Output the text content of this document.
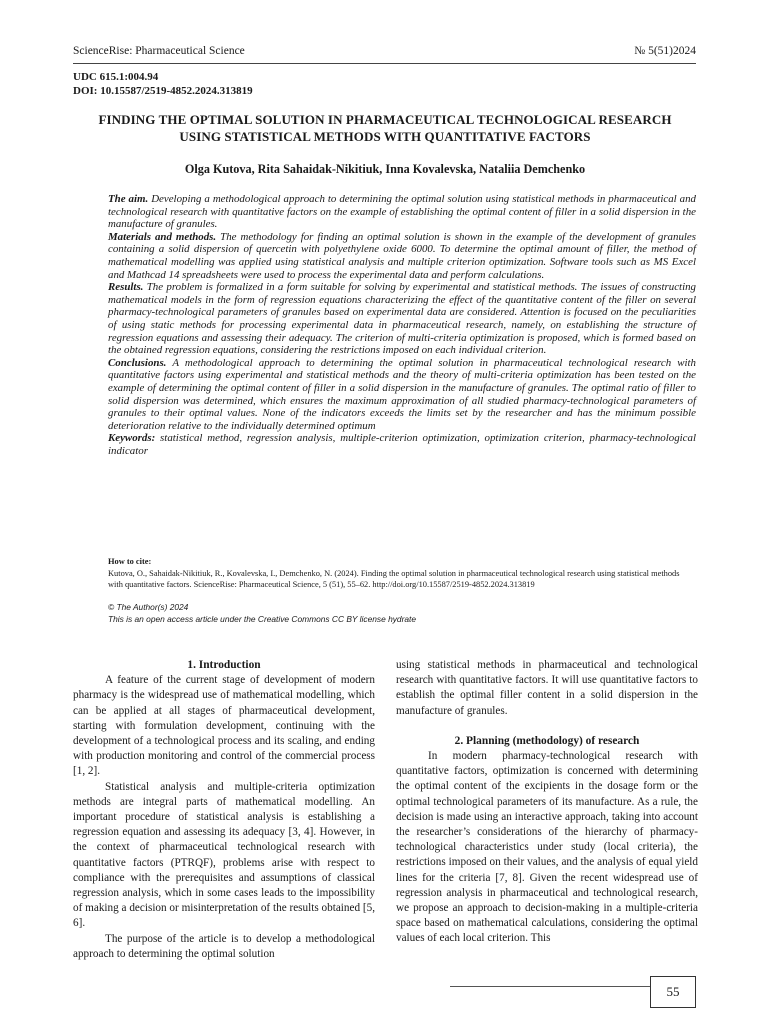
ScienceRise: Pharmaceutical Science	№ 5(51)2024
UDC 615.1:004.94
DOI: 10.15587/2519-4852.2024.313819
FINDING THE OPTIMAL SOLUTION IN PHARMACEUTICAL TECHNOLOGICAL RESEARCH USING STATISTICAL METHODS WITH QUANTITATIVE FACTORS
Olga Kutova, Rita Sahaidak-Nikitiuk, Inna Kovalevska, Nataliia Demchenko

The aim. Developing a methodological approach to determining the optimal solution using statistical methods in pharmaceutical and technological research with quantitative factors on the example of establishing the optimal content of filler in a solid dispersion in the manufacture of granules.

Materials and methods. The methodology for finding an optimal solution is shown in the example of the development of granules containing a solid dispersion of quercetin with polyethylene oxide 6000. To determine the optimal amount of filler, the method of mathematical modelling was applied using statistical analysis and multiple criterion optimization. Software tools such as MS Excel and Mathcad 14 spreadsheets were used to process the experimental data and perform calculations.

Results. The problem is formalized in a form suitable for solving by experimental and statistical methods. The issues of constructing mathematical models in the form of regression equations characterizing the effect of the quantitative content of the filler on several pharmacy-technological parameters of granules based on experimental data are considered. Attention is focused on the peculiarities of using static methods for processing experimental data in pharmaceutical research, namely, on establishing the structure of regression equations and assessing their adequacy. The criterion of multi-criteria optimization is proposed, which is formed based on the obtained regression equations, considering the restrictions imposed on each individual criterion.

Conclusions. A methodological approach to determining the optimal solution in pharmaceutical technological research with quantitative factors using experimental and statistical methods and the theory of multi-criteria optimization has been tested on the example of determining the optimal content of filler in a solid dispersion in the manufacture of granules. The optimal ratio of filler to solid dispersion was determined, which ensures the maximum approximation of all studied pharmacy-technological parameters of granules to their optimal values. None of the indicators exceeds the limits set by the researcher and has the minimum possible deterioration relative to the individually determined optimum

Keywords: statistical method, regression analysis, multiple-criterion optimization, optimization criterion, pharmacy-technological indicator

How to cite:
Kutova, O., Sahaidak-Nikitiuk, R., Kovalevska, I., Demchenko, N. (2024). Finding the optimal solution in pharmaceutical technological research using statistical methods with quantitative factors. ScienceRise: Pharmaceutical Science, 5 (51), 55–62. http://doi.org/10.15587/2519-4852.2024.313819
© The Author(s) 2024
This is an open access article under the Creative Commons CC BY license hydrate
1. Introduction

A feature of the current stage of development of modern pharmacy is the widespread use of mathematical modelling, which can be applied at all stages of pharmaceutical development, starting with formulation development, continuing with the development of a technological process and its scaling, and ending with production monitoring and control of the commercial process [1, 2].

Statistical analysis and multiple-criteria optimization methods are integral parts of mathematical modelling. An important procedure of statistical analysis is establishing a regression equation and assessing its adequacy [3, 4]. However, in the context of pharmaceutical technological research with quantitative factors (PTRQF), problems arise with respect to compliance with the prerequisites and assumptions of classical regression analysis, which in some cases leads to the impossibility of making a decision or misinterpretation of the results obtained [5, 6].

The purpose of the article is to develop a methodological approach to determining the optimal solution

using statistical methods in pharmaceutical and technological research with quantitative factors. It will use quantitative factors to establish the optimal filler content in a solid dispersion in the manufacture of granules.

2. Planning (methodology) of research

In modern pharmacy-technological research with quantitative factors, optimization is concerned with determining the optimal content of the excipients in the dosage form or the optimal technological parameters of its manufacture. As a rule, the decision is made using an interactive approach, taking into account the researcher’s considerations of the hierarchy of pharmacy-technological characteristics under study (local criteria), the restrictions imposed on their values, and the analysis of equal yield lines for the criteria [7, 8]. Given the recent widespread use of regression analysis in pharmaceutical and technological research, we propose an approach to decision-making in a multiple-criteria space based on mathematical calculations, considering the optimal values of each local criterion. This

55
